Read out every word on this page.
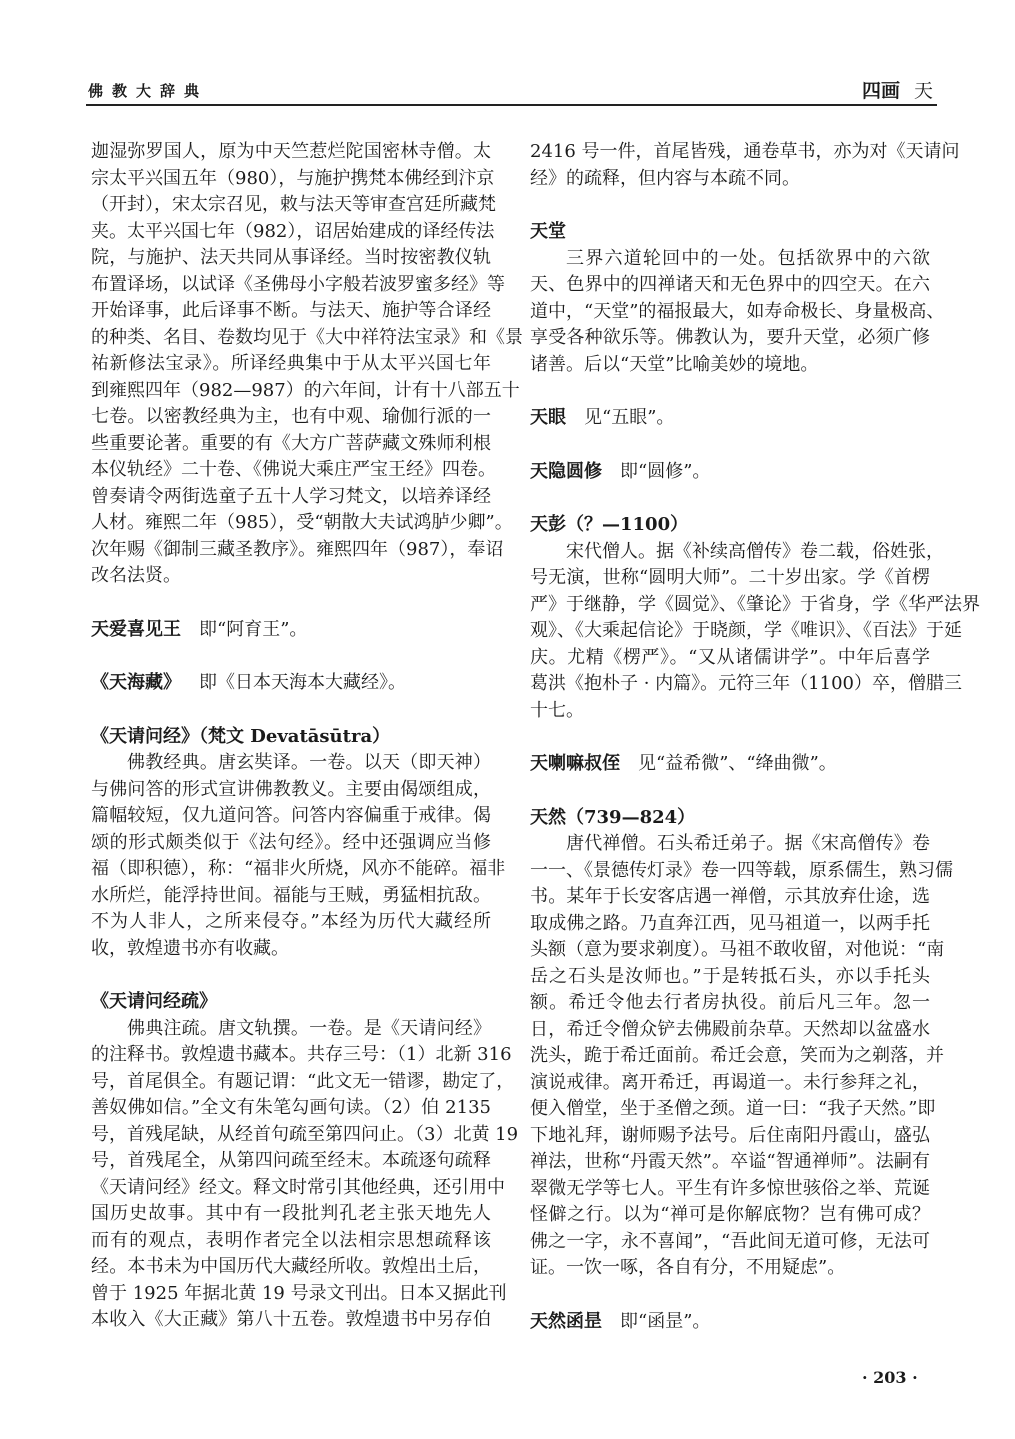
佛教大辞典	四画 天
迦湿弥罗国人，原为中天竺惹烂陀国密林寺僧。太
宗太平兴国五年（980），与施护携梵本佛经到汴京
（开封），宋太宗召见，敕与法天等审查宫廷所藏梵
夹。太平兴国七年（982），诏居始建成的译经传法
院，与施护、法天共同从事译经。当时按密教仪轨
布置译场，以试译《圣佛母小字般若波罗蜜多经》等
开始译事，此后译事不断。与法天、施护等合译经
的种类、名目、卷数均见于《大中祥符法宝录》和《景
祐新修法宝录》。所译经典集中于从太平兴国七年
到雍熙四年（982—987）的六年间，计有十八部五十
七卷。以密教经典为主，也有中观、瑜伽行派的一
些重要论著。重要的有《大方广菩萨藏文殊师利根
本仪轨经》二十卷、《佛说大乘庄严宝王经》四卷。
曾奏请令两街选童子五十人学习梵文，以培养译经
人材。雍熙二年（985），受“朝散大夫试鸿胪少卿”。
次年赐《御制三藏圣教序》。雍熙四年（987），奉诏
改名法贤。
天爱喜见王 即“阿育王”。
《天海藏》 即《日本天海本大藏经》。
《天请问经》（梵文 Devatāsūtra）
佛教经典。唐玄奘译。一卷。以天（即天神）
与佛问答的形式宣讲佛教教义。主要由偈颂组成，
篇幅较短，仅九道问答。问答内容偏重于戒律。偈
颂的形式颇类似于《法句经》。经中还强调应当修
福（即积德），称：“福非火所烧，风亦不能碎。福非
水所烂，能浮持世间。福能与王贼，勇猛相抗敌。
不为人非人，之所来侵夺。”本经为历代大藏经所
收，敦煌遗书亦有收藏。
《天请问经疏》
佛典注疏。唐文轨撰。一卷。是《天请问经》
的注释书。敦煌遗书藏本。共存三号：（1）北新 316
号，首尾俱全。有题记谓：“此文无一错谬，勘定了，
善奴佛如信。”全文有朱笔勾画句读。（2）伯 2135
号，首残尾缺，从经首句疏至第四问止。（3）北黄 19
号，首残尾全，从第四问疏至经末。本疏逐句疏释
《天请问经》经文。释文时常引其他经典，还引用中
国历史故事。其中有一段批判孔老主张天地先人
而有的观点，表明作者完全以法相宗思想疏释该
经。本书未为中国历代大藏经所收。敦煌出土后，
曾于 1925 年据北黄 19 号录文刊出。日本又据此刊
本收入《大正藏》第八十五卷。敦煌遗书中另存伯
2416 号一件，首尾皆残，通卷草书，亦为对《天请问
经》的疏释，但内容与本疏不同。
天堂
三界六道轮回中的一处。包括欲界中的六欲
天、色界中的四禅诸天和无色界中的四空天。在六
道中，“天堂”的福报最大，如寿命极长、身量极高、
享受各种欲乐等。佛教认为，要升天堂，必须广修
诸善。后以“天堂”比喻美妙的境地。
天眼 见“五眼”。
天隐圆修 即“圆修”。
天彭（？—1100）
宋代僧人。据《补续高僧传》卷二载，俗姓张，
号无演，世称“圆明大师”。二十岁出家。学《首楞
严》于继静，学《圆觉》、《肇论》于省身，学《华严法界
观》、《大乘起信论》于晓颜，学《唯识》、《百法》于延
庆。尤精《楞严》。“又从诸儒讲学”。中年后喜学
葛洪《抱朴子 · 内篇》。元符三年（1100）卒，僧腊三
十七。
天喇嘛叔侄 见“益希微”、“绛曲微”。
天然（739—824）
唐代禅僧。石头希迁弟子。据《宋高僧传》卷
一一、《景德传灯录》卷一四等载，原系儒生，熟习儒
书。某年于长安客店遇一禅僧，示其放弃仕途，选
取成佛之路。乃直奔江西，见马祖道一，以两手托
头额（意为要求剃度）。马祖不敢收留，对他说：“南
岳之石头是汝师也。”于是转抵石头，亦以手托头
额。希迁令他去行者房执役。前后凡三年。忽一
日，希迁令僧众铲去佛殿前杂草。天然却以盆盛水
洗头，跪于希迁面前。希迁会意，笑而为之剃落，并
演说戒律。离开希迁，再谒道一。未行参拜之礼，
便入僧堂，坐于圣僧之颈。道一曰：“我子天然。”即
下地礼拜，谢师赐予法号。后住南阳丹霞山，盛弘
禅法，世称“丹霞天然”。卒谥“智通禅师”。法嗣有
翠微无学等七人。平生有许多惊世骇俗之举、荒诞
怪僻之行。以为“禅可是你解底物？岂有佛可成？
佛之一字，永不喜闻”，“吾此间无道可修，无法可
证。一饮一啄，各自有分，不用疑虑”。
天然函昰 即“函昰”。
· 203 ·
